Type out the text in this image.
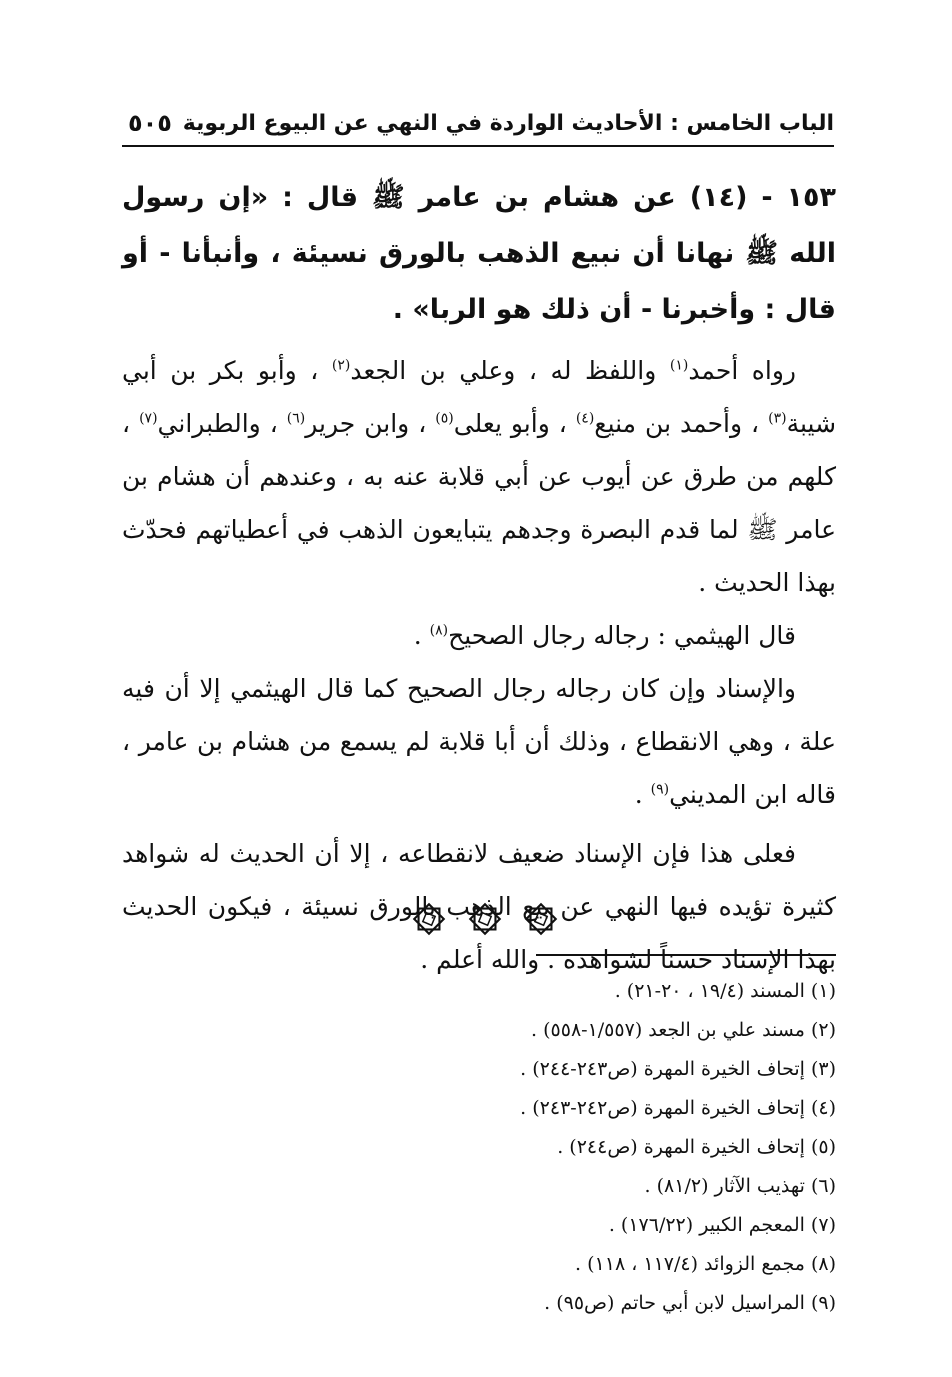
الباب الخامس : الأحاديث الواردة في النهي عن البيوع الربوية
٥٠٥

١٥٣ - (١٤) عن هشام بن عامر ﷺ قال : «إن رسول الله ﷺ نهانا أن نبيع الذهب بالورق نسيئة ، وأنبأنا - أو قال : وأخبرنا - أن ذلك هو الربا» .

رواه أحمد$^{(١)}$ واللفظ له ، وعلي بن الجعد$^{(٢)}$ ، وأبو بكر بن أبي شيبة$^{(٣)}$ ، وأحمد بن منيع$^{(٤)}$ ، وأبو يعلى$^{(٥)}$ ، وابن جرير$^{(٦)}$ ، والطبراني$^{(٧)}$ ، كلهم من طرق عن أيوب عن أبي قلابة عنه به ، وعندهم أن هشام بن عامر ﷺ لما قدم البصرة وجدهم يتبايعون الذهب في أعطياتهم فحدّث بهذا الحديث .

قال الهيثمي : رجاله رجال الصحيح$^{(٨)}$ .

والإسناد وإن كان رجاله رجال الصحيح كما قال الهيثمي إلا أن فيه علة ، وهي الانقطاع ، وذلك أن أبا قلابة لم يسمع من هشام بن عامر ، قاله ابن المديني$^{(٩)}$ .

فعلى هذا فإن الإسناد ضعيف لانقطاعه ، إلا أن الحديث له شواهد كثيرة تؤيده فيها النهي عن بيع الذهب بالورق نسيئة ، فيكون الحديث بهذا الإسناد حسناً لشواهده . والله أعلم .

(١) المسند (١٩/٤ ، ٢٠-٢١) .
(٢) مسند علي بن الجعد (١/٥٥٧-٥٥٨) .
(٣) إتحاف الخيرة المهرة (ص٢٤٣-٢٤٤) .
(٤) إتحاف الخيرة المهرة (ص٢٤٢-٢٤٣) .
(٥) إتحاف الخيرة المهرة (ص٢٤٤) .
(٦) تهذيب الآثار (٨١/٢) .
(٧) المعجم الكبير (١٧٦/٢٢) .
(٨) مجمع الزوائد (١١٧/٤ ، ١١٨) .
(٩) المراسيل لابن أبي حاتم (ص٩٥) .
